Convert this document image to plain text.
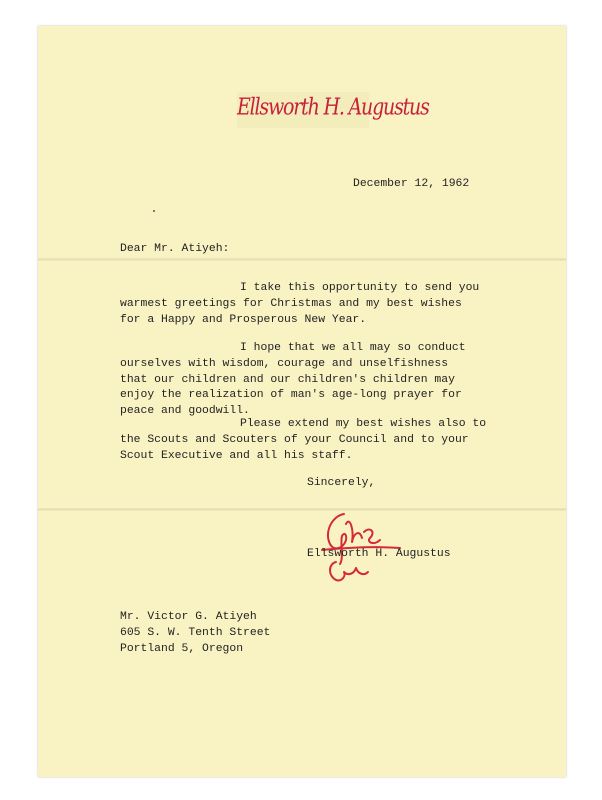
Ellsworth H. Augustus
December 12, 1962
Dear Mr. Atiyeh:
I take this opportunity to send you
warmest greetings for Christmas and my best wishes
for a Happy and Prosperous New Year.
I hope that we all may so conduct
ourselves with wisdom, courage and unselfishness
that our children and our children's children may
enjoy the realization of man's age-long prayer for
peace and goodwill.
Please extend my best wishes also to
the Scouts and Scouters of your Council and to your
Scout Executive and all his staff.
Sincerely,
Ellsworth H. Augustus
Mr. Victor G. Atiyeh
605 S. W. Tenth Street
Portland 5, Oregon
